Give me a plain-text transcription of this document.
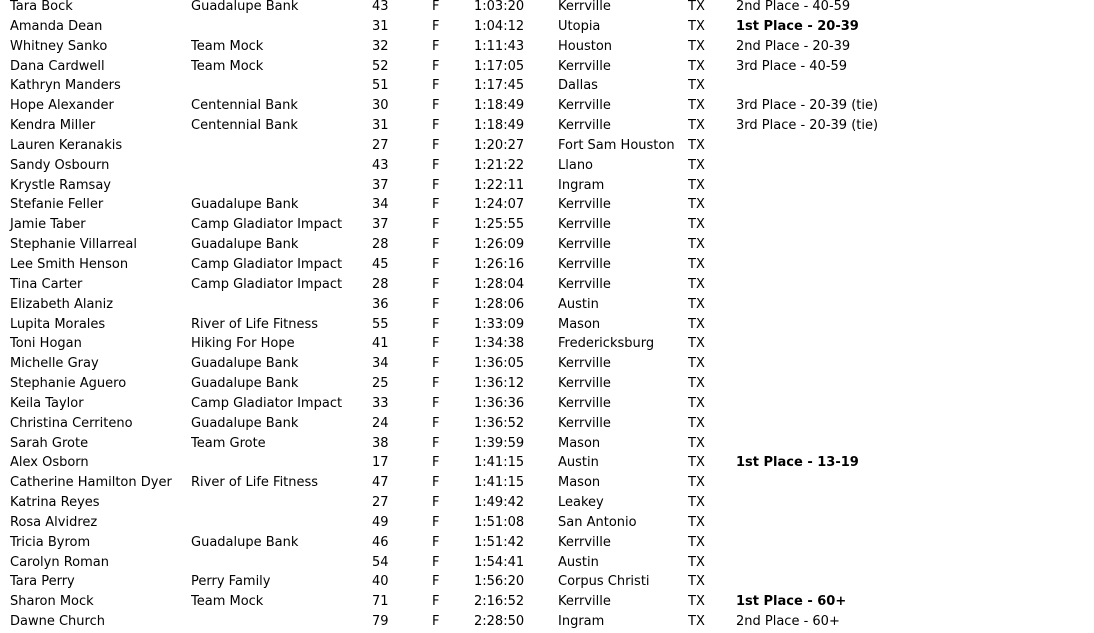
Tara Bock	Guadalupe Bank	43	F	1:03:20	Kerrville	TX	2nd Place - 40-59
Amanda Dean		31	F	1:04:12	Utopia	TX	1st Place - 20-39
Whitney Sanko	Team Mock	32	F	1:11:43	Houston	TX	2nd Place - 20-39
Dana Cardwell	Team Mock	52	F	1:17:05	Kerrville	TX	3rd Place - 40-59
Kathryn Manders		51	F	1:17:45	Dallas	TX	
Hope Alexander	Centennial Bank	30	F	1:18:49	Kerrville	TX	3rd Place - 20-39 (tie)
Kendra Miller	Centennial Bank	31	F	1:18:49	Kerrville	TX	3rd Place - 20-39 (tie)
Lauren Keranakis		27	F	1:20:27	Fort Sam Houston	TX	
Sandy Osbourn		43	F	1:21:22	Llano	TX	
Krystle Ramsay		37	F	1:22:11	Ingram	TX	
Stefanie Feller	Guadalupe Bank	34	F	1:24:07	Kerrville	TX	
Jamie Taber	Camp Gladiator Impact	37	F	1:25:55	Kerrville	TX	
Stephanie Villarreal	Guadalupe Bank	28	F	1:26:09	Kerrville	TX	
Lee Smith Henson	Camp Gladiator Impact	45	F	1:26:16	Kerrville	TX	
Tina Carter	Camp Gladiator Impact	28	F	1:28:04	Kerrville	TX	
Elizabeth Alaniz		36	F	1:28:06	Austin	TX	
Lupita Morales	River of Life Fitness	55	F	1:33:09	Mason	TX	
Toni Hogan	Hiking For Hope	41	F	1:34:38	Fredericksburg	TX	
Michelle Gray	Guadalupe Bank	34	F	1:36:05	Kerrville	TX	
Stephanie Aguero	Guadalupe Bank	25	F	1:36:12	Kerrville	TX	
Keila Taylor	Camp Gladiator Impact	33	F	1:36:36	Kerrville	TX	
Christina Cerriteno	Guadalupe Bank	24	F	1:36:52	Kerrville	TX	
Sarah Grote	Team Grote	38	F	1:39:59	Mason	TX	
Alex Osborn		17	F	1:41:15	Austin	TX	1st Place - 13-19
Catherine Hamilton Dyer	River of Life Fitness	47	F	1:41:15	Mason	TX	
Katrina Reyes		27	F	1:49:42	Leakey	TX	
Rosa Alvidrez		49	F	1:51:08	San Antonio	TX	
Tricia Byrom	Guadalupe Bank	46	F	1:51:42	Kerrville	TX	
Carolyn Roman		54	F	1:54:41	Austin	TX	
Tara Perry	Perry Family	40	F	1:56:20	Corpus Christi	TX	
Sharon Mock	Team Mock	71	F	2:16:52	Kerrville	TX	1st Place - 60+
Dawne Church		79	F	2:28:50	Ingram	TX	2nd Place - 60+
